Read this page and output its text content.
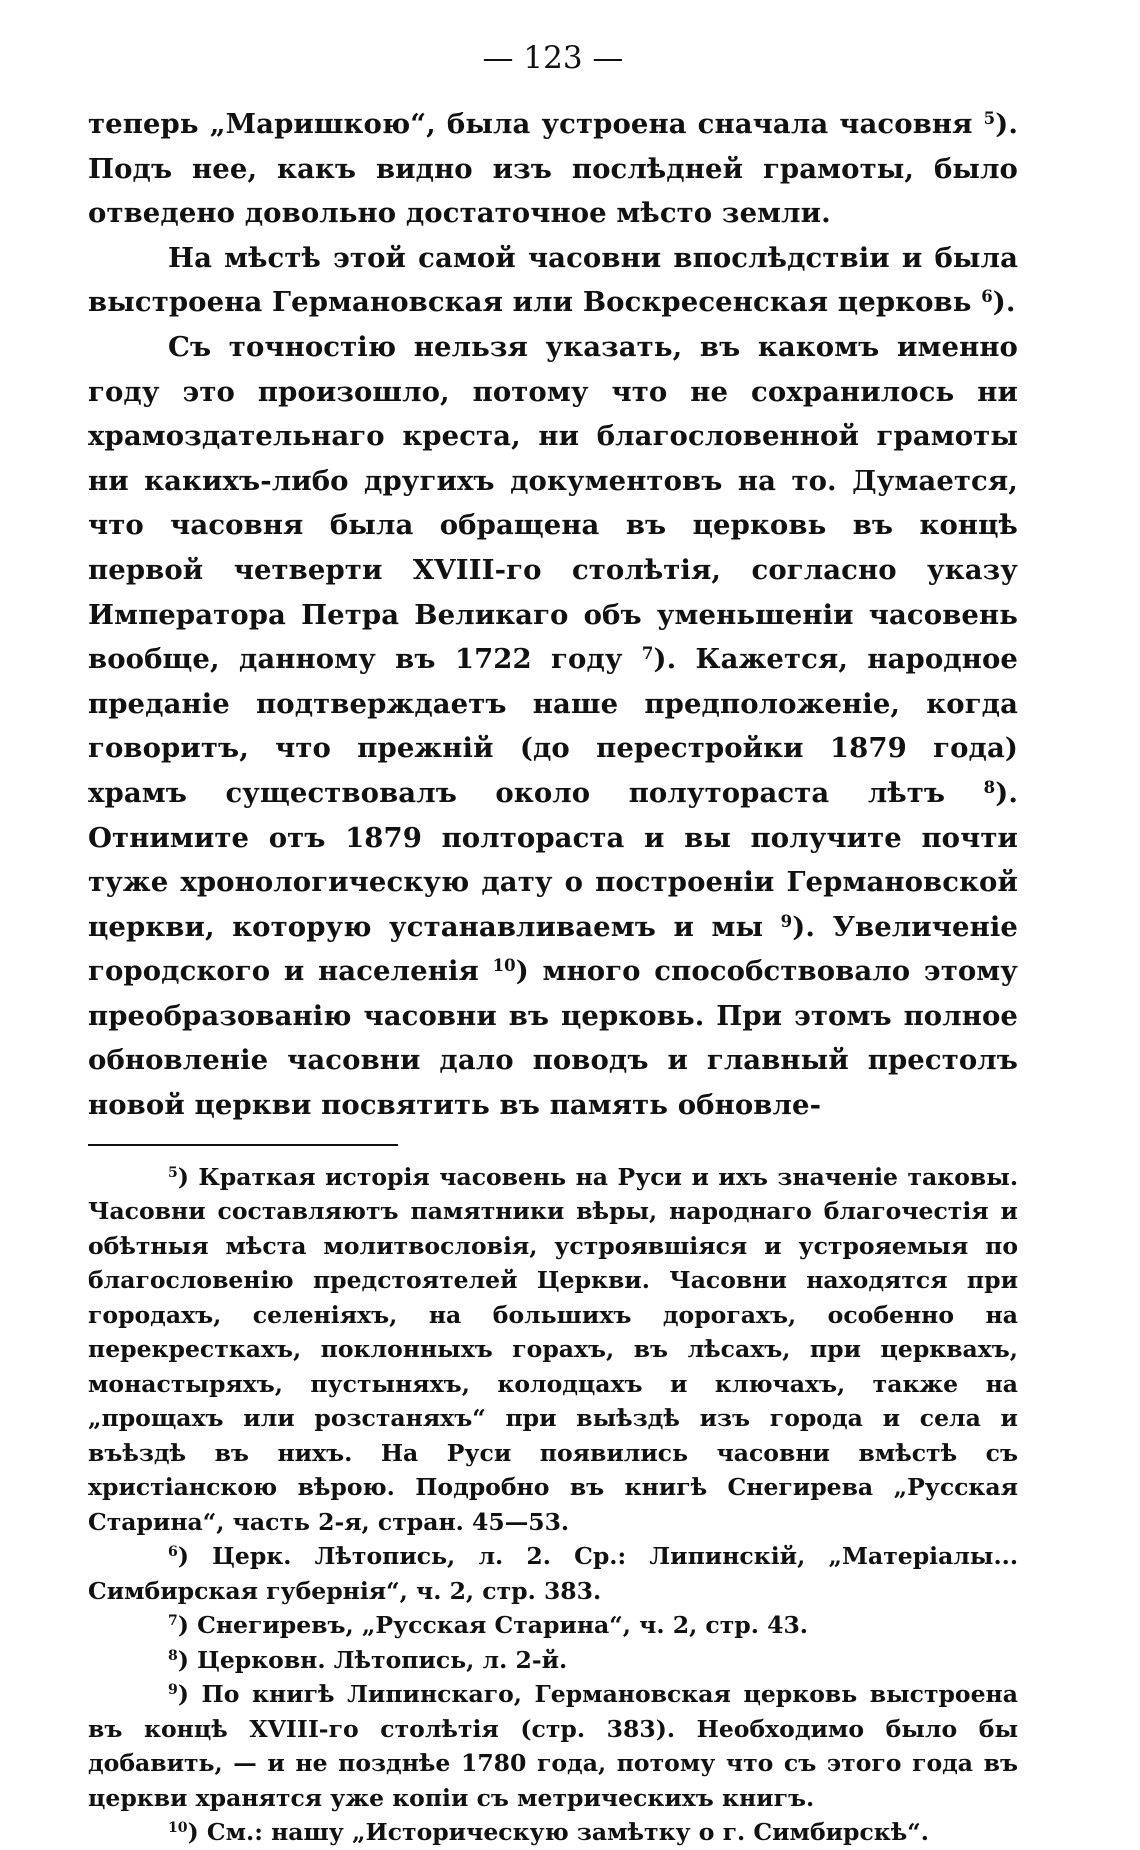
— 123 —

теперь „Маришкою“, была устроена сначала часовня $^5$). Подъ нее, какъ видно изъ послѣдней грамоты, было отведено довольно достаточное мѣсто земли.

На мѣстѣ этой самой часовни впослѣдствіи и была выстроена Германовская или Воскресенская церковь $^6$).

Съ точностію нельзя указать, въ какомъ именно году это произошло, потому что не сохранилось ни храмоздательнаго креста, ни благословенной грамоты ни какихъ-либо другихъ документовъ на то. Думается, что часовня была обращена въ церковь въ концѣ первой четверти XVIII-го столѣтія, согласно указу Императора Петра Великаго объ уменьшеніи часовень вообще, данному въ 1722 году $^7$). Кажется, народное преданіе подтверждаетъ наше предположеніе, когда говоритъ, что прежній (до перестройки 1879 года) храмъ существовалъ около полутораста лѣтъ $^8$). Отнимите отъ 1879 полтораста и вы получите почти туже хронологическую дату о построеніи Германовской церкви, которую устанавливаемъ и мы $^9$). Увеличеніе городского и населенія $^{10}$) много способствовало этому преобразованію часовни въ церковь. При этомъ полное обновленіе часовни дало поводъ и главный престолъ новой церкви посвятить въ память обновле-

$^5$) Краткая исторія часовень на Руси и ихъ значеніе таковы. Часовни составляютъ памятники вѣры, народнаго благочестія и обѣтныя мѣста молитвословія, устроявшіяся и устрояемыя по благословенію предстоятелей Церкви. Часовни находятся при городахъ, селеніяхъ, на большихъ дорогахъ, особенно на перекресткахъ, поклонныхъ горахъ, въ лѣсахъ, при церквахъ, монастыряхъ, пустыняхъ, колодцахъ и ключахъ, также на „прощахъ или розстаняхъ“ при выѣздѣ изъ города и села и въѣздѣ въ нихъ. На Руси появились часовни вмѣстѣ съ христіанскою вѣрою. Подробно въ книгѣ Снегирева „Русская Старина“, часть 2-я, стран. 45—53.

$^6$) Церк. Лѣтопись, л. 2. Ср.: Липинскій, „Матеріалы... Симбирская губернія“, ч. 2, стр. 383.

$^7$) Снегиревъ, „Русская Старина“, ч. 2, стр. 43.

$^8$) Церковн. Лѣтопись, л. 2-й.

$^9$) По книгѣ Липинскаго, Германовская церковь выстроена въ концѣ XVIII-го столѣтія (стр. 383). Необходимо было бы добавить, — и не позднѣе 1780 года, потому что съ этого года въ церкви хранятся уже копіи съ метрическихъ книгъ.

$^{10}$) См.: нашу „Историческую замѣтку о г. Симбирскѣ“.
